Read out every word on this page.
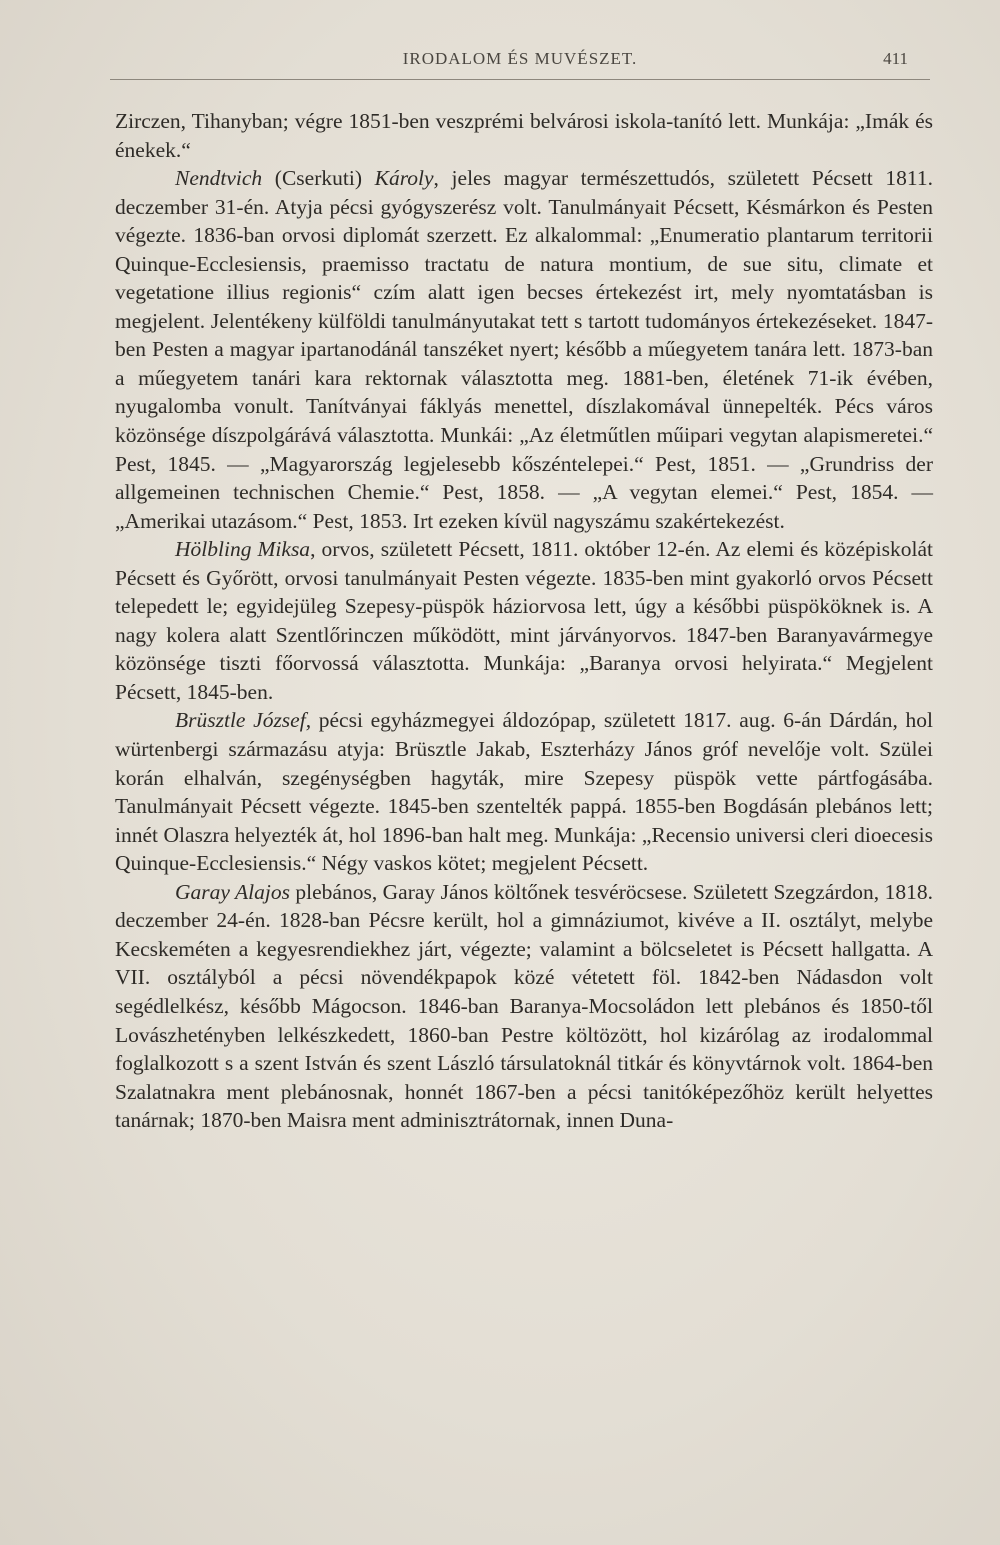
IRODALOM ÉS MUVÉSZET.	411

Zirczen, Tihanyban; végre 1851-ben veszprémi belvárosi iskola-tanító lett. Munkája: „Imák és énekek.“

Nendtvich (Cserkuti) Károly, jeles magyar természettudós, született Pécsett 1811. deczember 31-én. Atyja pécsi gyógyszerész volt. Tanulmányait Pécsett, Késmárkon és Pesten végezte. 1836-ban orvosi diplomát szerzett. Ez alkalommal: „Enumeratio plantarum territorii Quinque-Ecclesiensis, praemisso tractatu de natura montium, de sue situ, climate et vegetatione illius regionis“ czím alatt igen becses értekezést irt, mely nyomtatásban is megjelent. Jelentékeny külföldi tanulmányutakat tett s tartott tudományos értekezéseket. 1847-ben Pesten a magyar ipartanodánál tanszéket nyert; később a műegyetem tanára lett. 1873-ban a műegyetem tanári kara rektornak választotta meg. 1881-ben, életének 71-ik évében, nyugalomba vonult. Tanítványai fáklyás menettel, díszlakomával ünnepelték. Pécs város közönsége díszpolgárává választotta. Munkái: „Az életműtlen műipari vegytan alapismeretei.“ Pest, 1845. — „Magyarország legjelesebb kőszéntelepei.“ Pest, 1851. — „Grundriss der allgemeinen technischen Chemie.“ Pest, 1858. — „A vegytan elemei.“ Pest, 1854. — „Amerikai utazásom.“ Pest, 1853. Irt ezeken kívül nagyszámu szakértekezést.

Hölbling Miksa, orvos, született Pécsett, 1811. október 12-én. Az elemi és középiskolát Pécsett és Győrött, orvosi tanulmányait Pesten végezte. 1835-ben mint gyakorló orvos Pécsett telepedett le; egyidejüleg Szepesy-püspök háziorvosa lett, úgy a későbbi püspököknek is. A nagy kolera alatt Szentlőrinczen működött, mint járványorvos. 1847-ben Baranyavármegye közönsége tiszti főorvossá választotta. Munkája: „Baranya orvosi helyirata.“ Megjelent Pécsett, 1845-ben.

Brüsztle József, pécsi egyházmegyei áldozópap, született 1817. aug. 6-án Dárdán, hol würtenbergi származásu atyja: Brüsztle Jakab, Eszterházy János gróf nevelője volt. Szülei korán elhalván, szegénységben hagyták, mire Szepesy püspök vette pártfogásába. Tanulmányait Pécsett végezte. 1845-ben szentelték pappá. 1855-ben Bogdásán plebános lett; innét Olaszra helyezték át, hol 1896-ban halt meg. Munkája: „Recensio universi cleri dioecesis Quinque-Ecclesiensis.“ Négy vaskos kötet; megjelent Pécsett.

Garay Alajos plebános, Garay János költőnek tesvéröcsese. Született Szegzárdon, 1818. deczember 24-én. 1828-ban Pécsre került, hol a gimnáziumot, kivéve a II. osztályt, melybe Kecskeméten a kegyesrendiekhez járt, végezte; valamint a bölcseletet is Pécsett hallgatta. A VII. osztályból a pécsi növendékpapok közé vétetett föl. 1842-ben Nádasdon volt segédlelkész, később Mágocson. 1846-ban Baranya-Mocsoládon lett plebános és 1850-től Lovászhetényben lelkészkedett, 1860-ban Pestre költözött, hol kizárólag az irodalommal foglalkozott s a szent István és szent László társulatoknál titkár és könyvtárnok volt. 1864-ben Szalatnakra ment plebánosnak, honnét 1867-ben a pécsi tanitóképezőhöz került helyettes tanárnak; 1870-ben Maisra ment adminisztrátornak, innen Duna-
